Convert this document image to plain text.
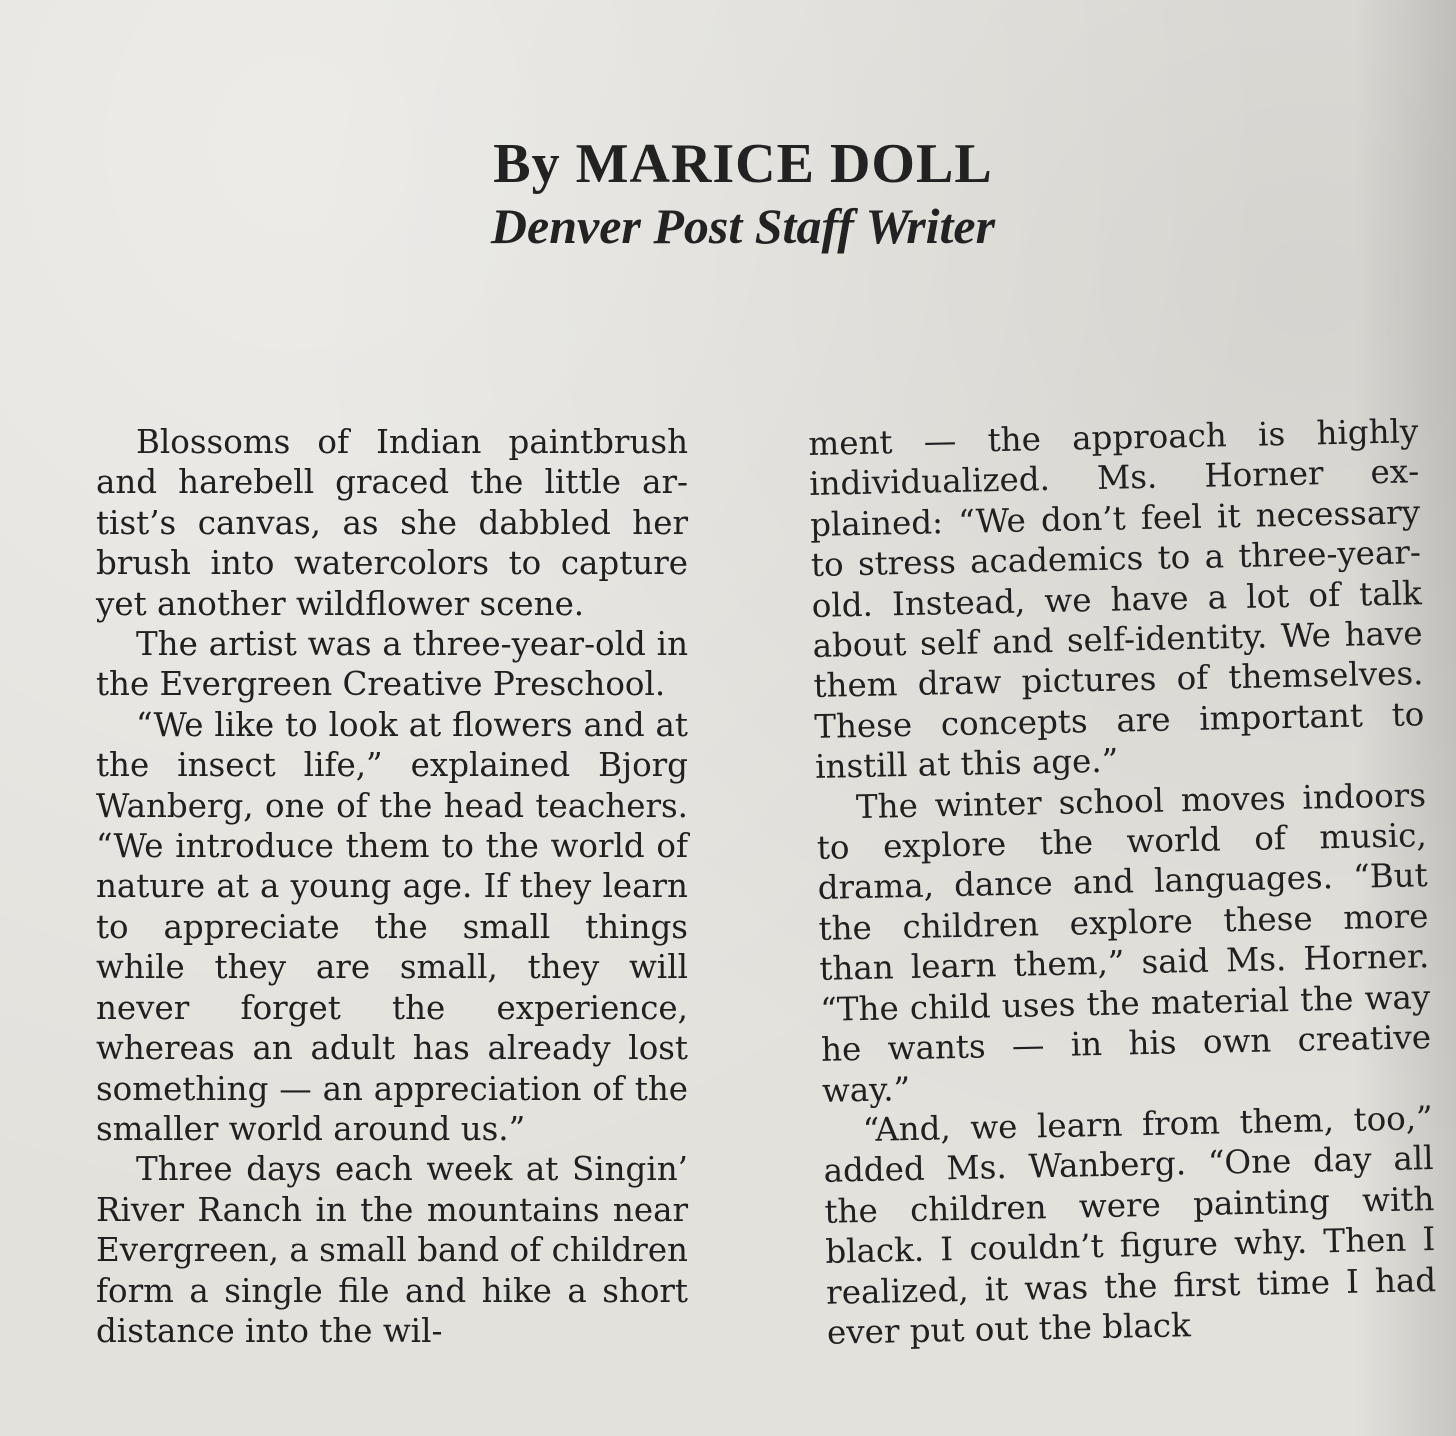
By MARICE DOLL
Denver Post Staff Writer

Blossoms of Indian paintbrush and harebell graced the little artist’s canvas, as she dabbled her brush into watercolors to capture yet another wildflower scene.

The artist was a three-year-old in the Evergreen Creative Preschool.

“We like to look at flowers and at the insect life,” explained Bjorg Wanberg, one of the head teachers. “We introduce them to the world of nature at a young age. If they learn to appreciate the small things while they are small, they will never forget the experience, whereas an adult has already lost something — an appreciation of the smaller world around us.”

Three days each week at Singin’ River Ranch in the mountains near Evergreen, a small band of children form a single file and hike a short distance into the wil-

ment — the approach is highly individualized. Ms. Horner explained: “We don’t feel it necessary to stress academics to a three-year-old. Instead, we have a lot of talk about self and self-identity. We have them draw pictures of themselves. These concepts are important to instill at this age.”

The winter school moves indoors to explore the world of music, drama, dance and languages. “But the children explore these more than learn them,” said Ms. Horner. “The child uses the material the way he wants — in his own creative way.”

“And, we learn from them, too,” added Ms. Wanberg. “One day all the children were painting with black. I couldn’t figure why. Then I realized, it was the first time I had ever put out the black
